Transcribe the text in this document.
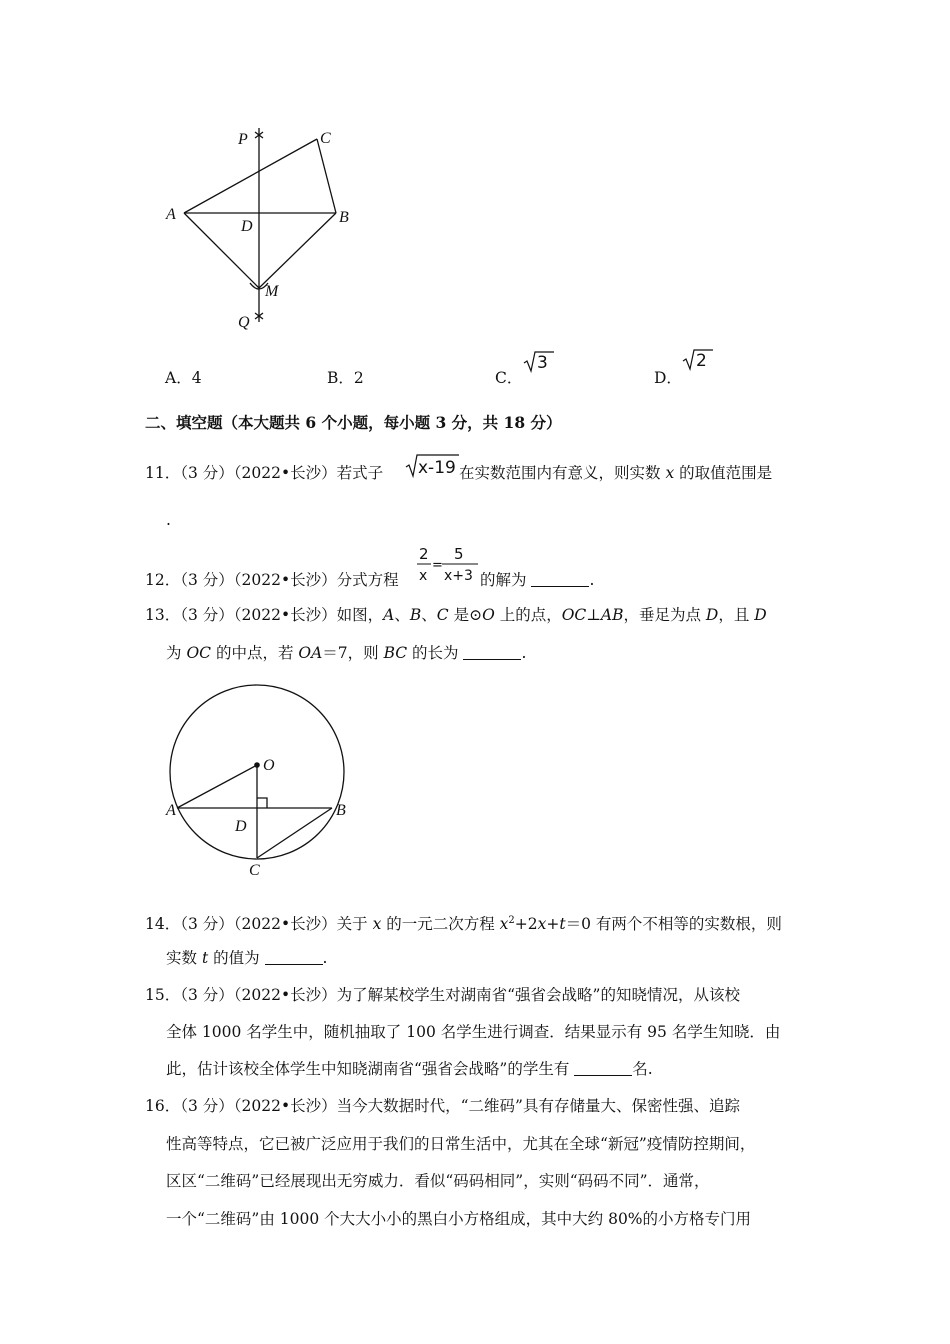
P	C
A
D
B
M
Q
A．4	B．2	C．
3
D．
2
二、填空题（本大题共 6 个小题，每小题 3 分，共 18 分）
11．（3 分）（2022•长沙）若式子 x-19 在实数范围内有意义，则实数 x 的取值范围是
.
12．（3 分）（2022•长沙）分式方程
2
x
=
5
x+3 的解为	.
13．（3 分）（2022•长沙）如图，A、B、C 是⊙O 上的点，OC⊥AB，垂足为点 D，且 D
为 OC 的中点，若 OA＝7，则 BC 的长为	.
O
A	B
D
C
14．（3 分）（2022•长沙）关于 x 的一元二次方程 $x^2+2x+t=0$ 有两个不相等的实数根，则
实数 t 的值为	.
15．（3 分）（2022•长沙）为了解某校学生对湖南省“强省会战略”的知晓情况，从该校
全体 1000 名学生中，随机抽取了 100 名学生进行调查．结果显示有 95 名学生知晓．由
此，估计该校全体学生中知晓湖南省“强省会战略”的学生有	名.
16．（3 分）（2022•长沙）当今大数据时代，“二维码”具有存储量大、保密性强、追踪
性高等特点，它已被广泛应用于我们的日常生活中，尤其在全球“新冠”疫情防控期间，
区区“二维码”已经展现出无穷威力．看似“码码相同”，实则“码码不同”．通常，
一个“二维码”由 1000 个大大小小的黑白小方格组成，其中大约 80%的小方格专门用
